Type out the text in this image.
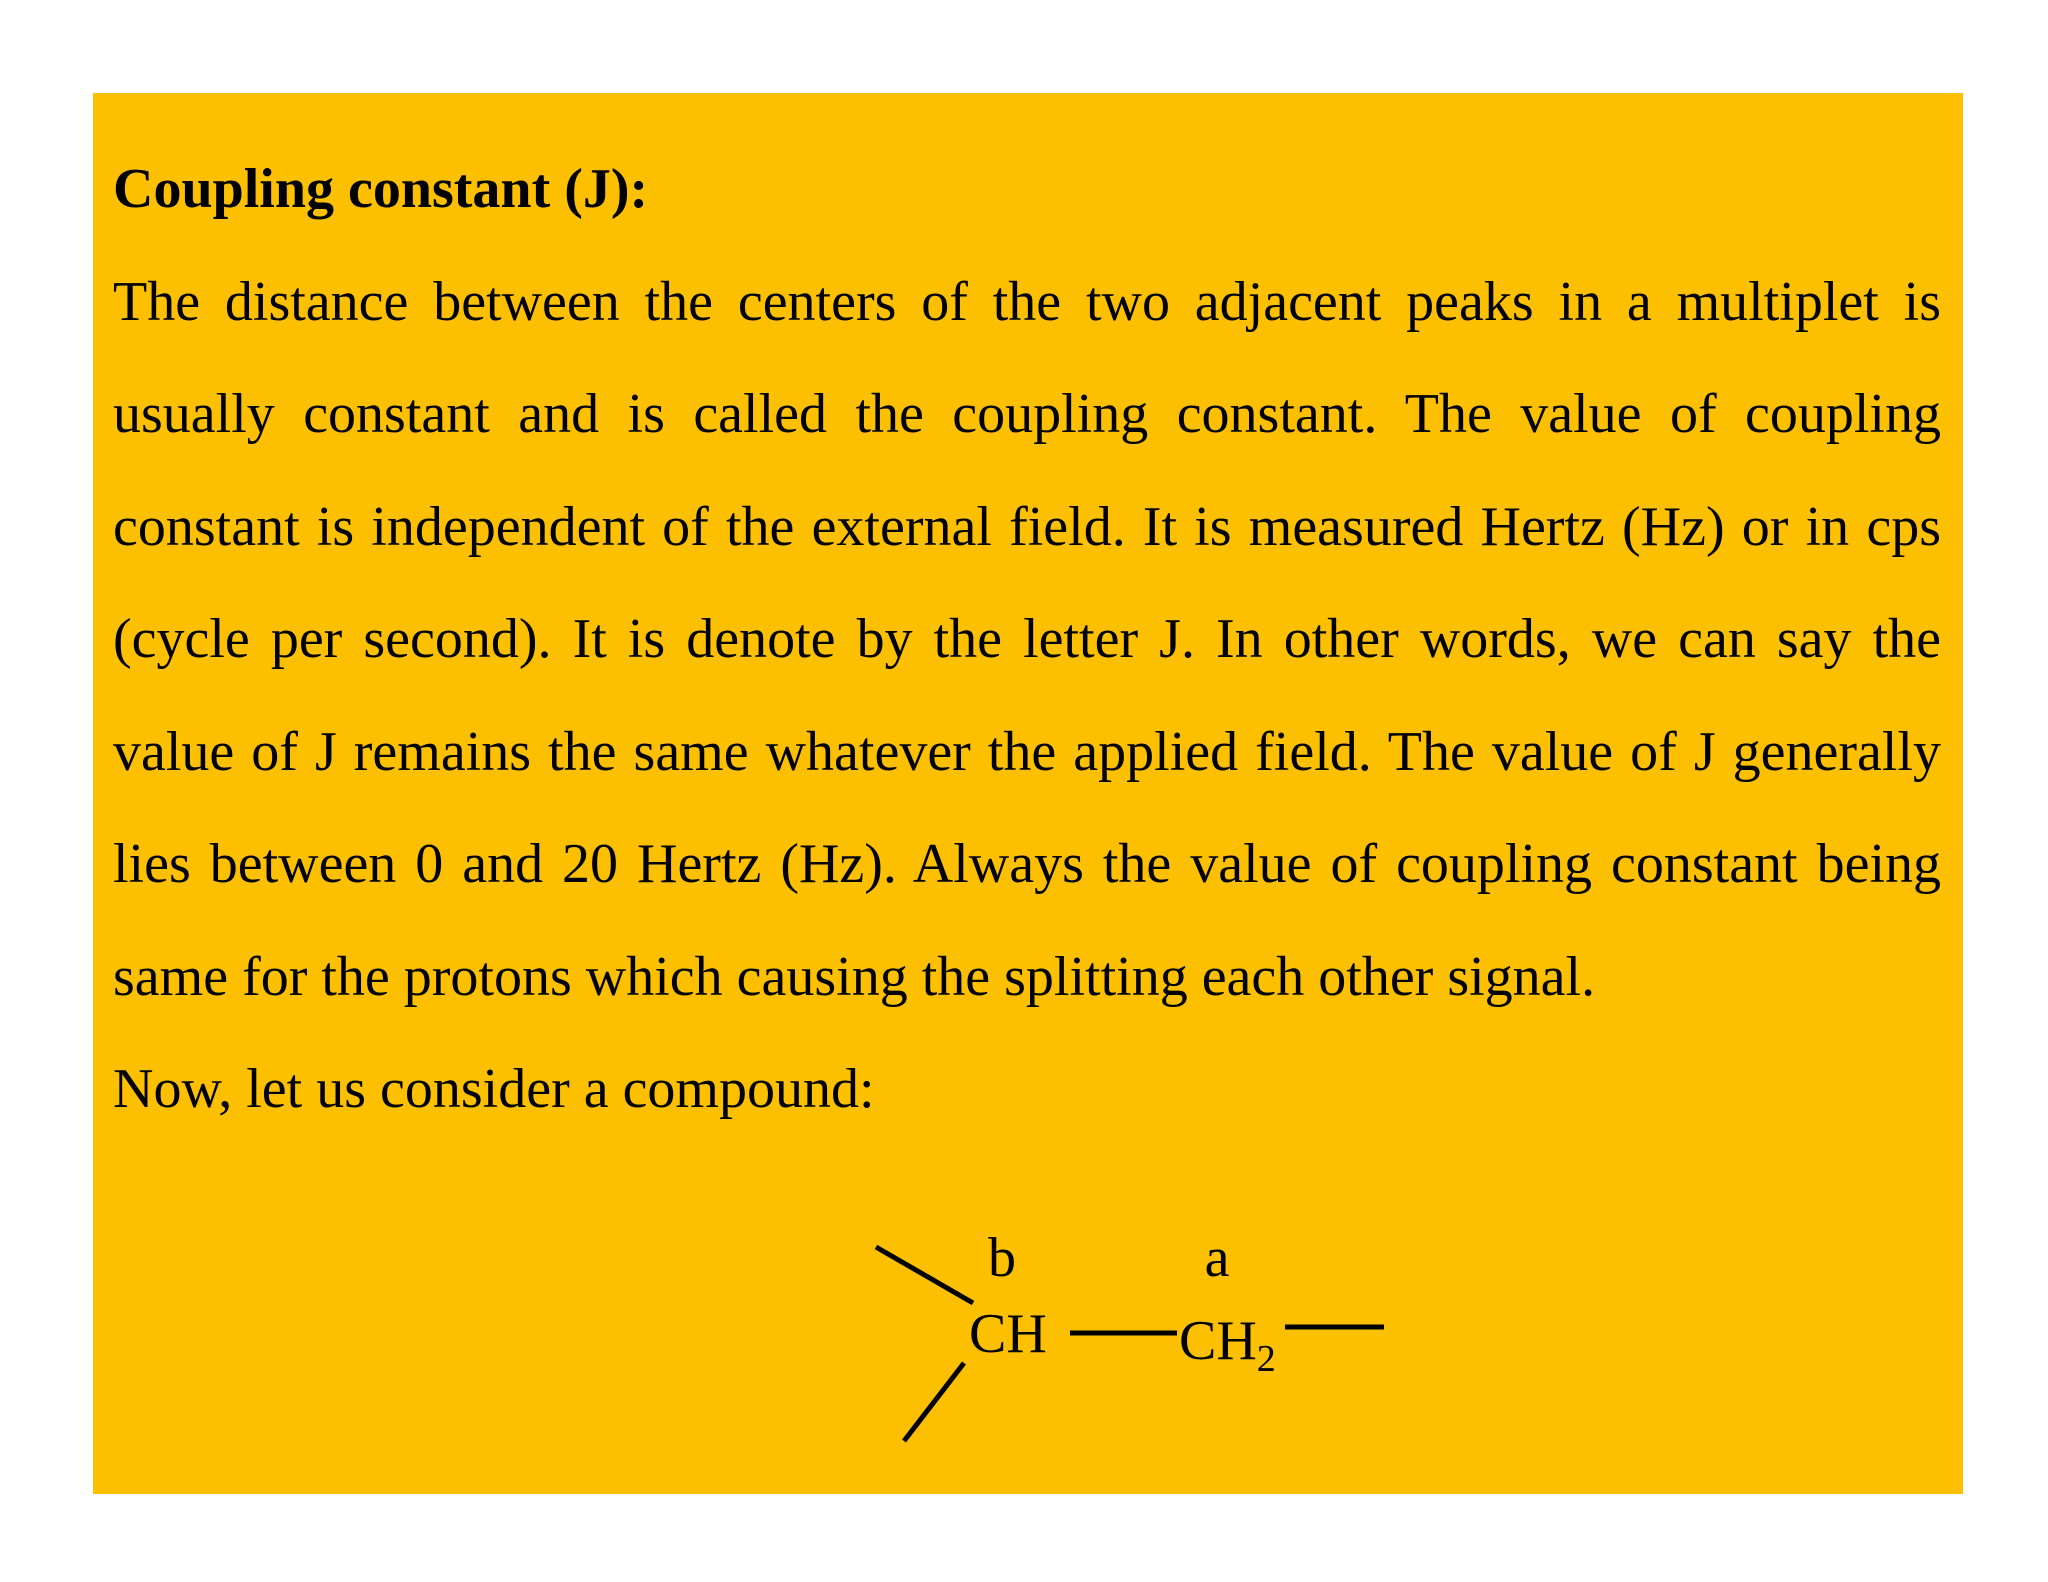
Coupling constant (J):
The distance between the centers of the two adjacent peaks in a multiplet is usually constant and is called the coupling constant. The value of coupling constant is independent of the external field. It is measured Hertz (Hz) or in cps (cycle per second). It is denote by the letter J. In other words, we can say the value of J remains the same whatever the applied field. The value of J generally lies between 0 and 20 Hertz (Hz). Always the value of coupling constant being same for the protons which causing the splitting each other signal.
Now, let us consider a compound:
b	a
CH $CH_2$
